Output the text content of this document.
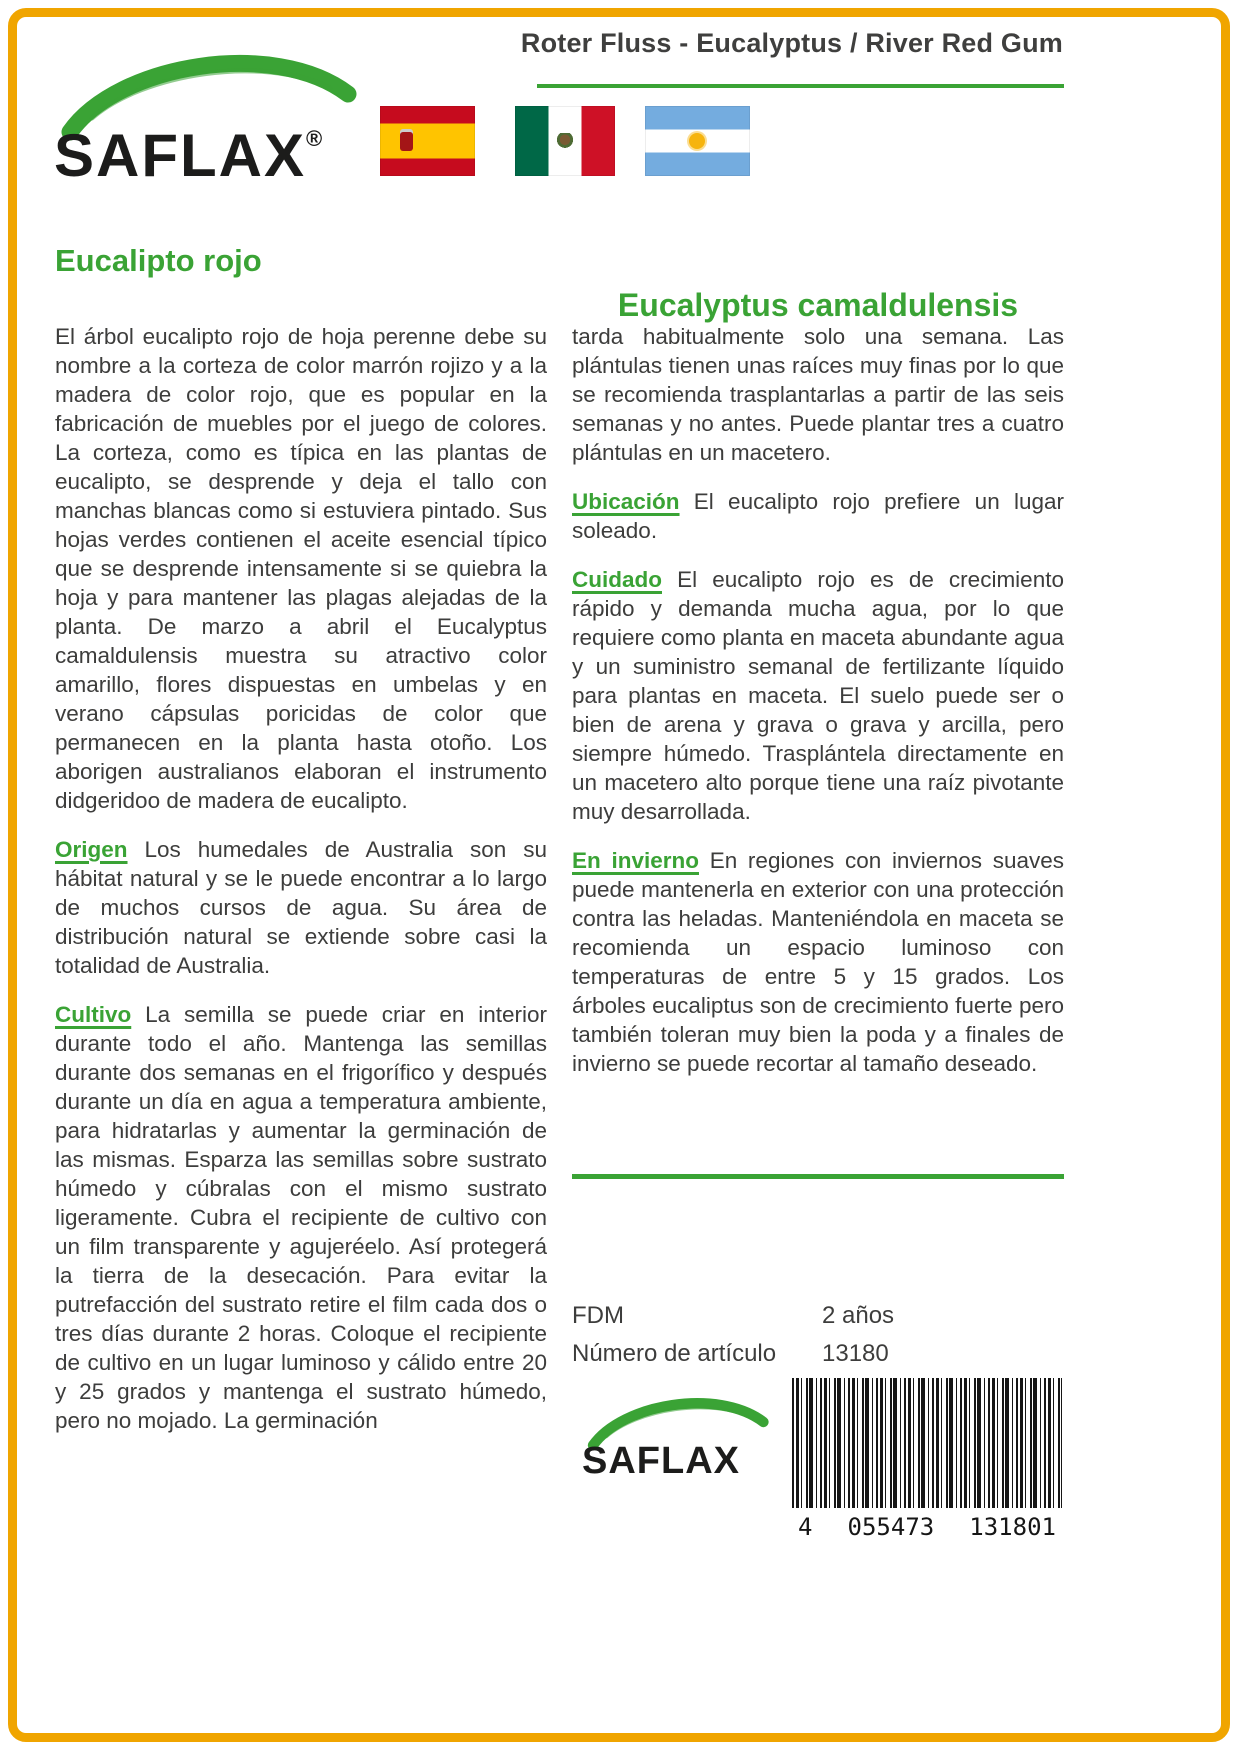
Roter Fluss - Eucalyptus / River Red Gum
SAFLAX®
Eucalipto rojo
Eucalyptus camaldulensis

El árbol eucalipto rojo de hoja perenne debe su nombre a la corteza de color marrón rojizo y a la madera de color rojo, que es popular en la fabricación de muebles por el juego de colores. La corteza, como es típica en las plantas de eucalipto, se desprende y deja el tallo con manchas blancas como si estuviera pintado. Sus hojas verdes contienen el aceite esencial típico que se desprende intensamente si se quiebra la hoja y para mantener las plagas alejadas de la planta. De marzo a abril el Eucalyptus camaldulensis muestra su atractivo color amarillo, flores dispuestas en umbelas y en verano cápsulas poricidas de color que permanecen en la planta hasta otoño. Los aborigen australianos elaboran el instrumento didgeridoo de madera de eucalipto.

Origen Los humedales de Australia son su hábitat natural y se le puede encontrar a lo largo de muchos cursos de agua. Su área de distribución natural se extiende sobre casi la totalidad de Australia.

Cultivo La semilla se puede criar en interior durante todo el año. Mantenga las semillas durante dos semanas en el frigorífico y después durante un día en agua a temperatura ambiente, para hidratarlas y aumentar la germinación de las mismas. Esparza las semillas sobre sustrato húmedo y cúbralas con el mismo sustrato ligeramente. Cubra el recipiente de cultivo con un film transparente y agujeréelo. Así protegerá la tierra de la desecación. Para evitar la putrefacción del sustrato retire el film cada dos o tres días durante 2 horas. Coloque el recipiente de cultivo en un lugar luminoso y cálido entre 20 y 25 grados y mantenga el sustrato húmedo, pero no mojado. La germinación

tarda habitualmente solo una semana. Las plántulas tienen unas raíces muy finas por lo que se recomienda trasplantarlas a partir de las seis semanas y no antes. Puede plantar tres a cuatro plántulas en un macetero.

Ubicación El eucalipto rojo prefiere un lugar soleado.

Cuidado El eucalipto rojo es de crecimiento rápido y demanda mucha agua, por lo que requiere como planta en maceta abundante agua y un suministro semanal de fertilizante líquido para plantas en maceta. El suelo puede ser o bien de arena y grava o grava y arcilla, pero siempre húmedo. Trasplántela directamente en un macetero alto porque tiene una raíz pivotante muy desarrollada.

En invierno En regiones con inviernos suaves puede mantenerla en exterior con una protección contra las heladas. Manteniéndola en maceta se recomienda un espacio luminoso con temperaturas de entre 5 y 15 grados. Los árboles eucaliptus son de crecimiento fuerte pero también toleran muy bien la poda y a finales de invierno se puede recortar al tamaño deseado.

FDM	2 años
Número de artículo	13180
SAFLAX
4 055473 131801
